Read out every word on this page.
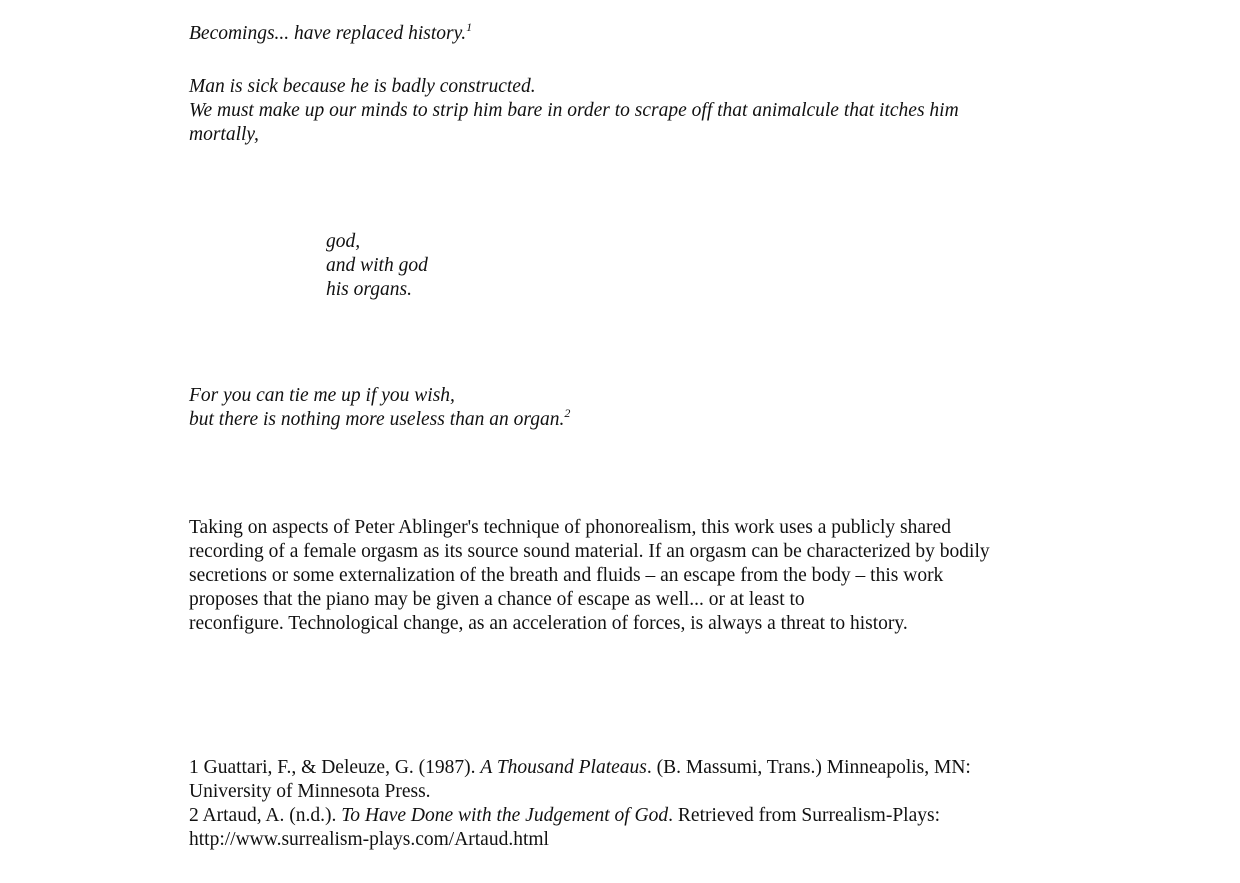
Becomings... have replaced history.$^1$
Man is sick because he is badly constructed.
We must make up our minds to strip him bare in order to scrape off that animalcule that itches him
mortally,
god,
and with god
his organs.
For you can tie me up if you wish,
but there is nothing more useless than an organ.$^2$
Taking on aspects of Peter Ablinger's technique of phonorealism, this work uses a publicly shared
recording of a female orgasm as its source sound material. If an orgasm can be characterized by bodily
secretions or some externalization of the breath and fluids – an escape from the body – this work
proposes that the piano may be given a chance of escape as well... or at least to
reconfigure. Technological change, as an acceleration of forces, is always a threat to history.
1 Guattari, F., & Deleuze, G. (1987). A Thousand Plateaus. (B. Massumi, Trans.) Minneapolis, MN:
University of Minnesota Press.
2 Artaud, A. (n.d.). To Have Done with the Judgement of God. Retrieved from Surrealism-Plays:
http://www.surrealism-plays.com/Artaud.html
